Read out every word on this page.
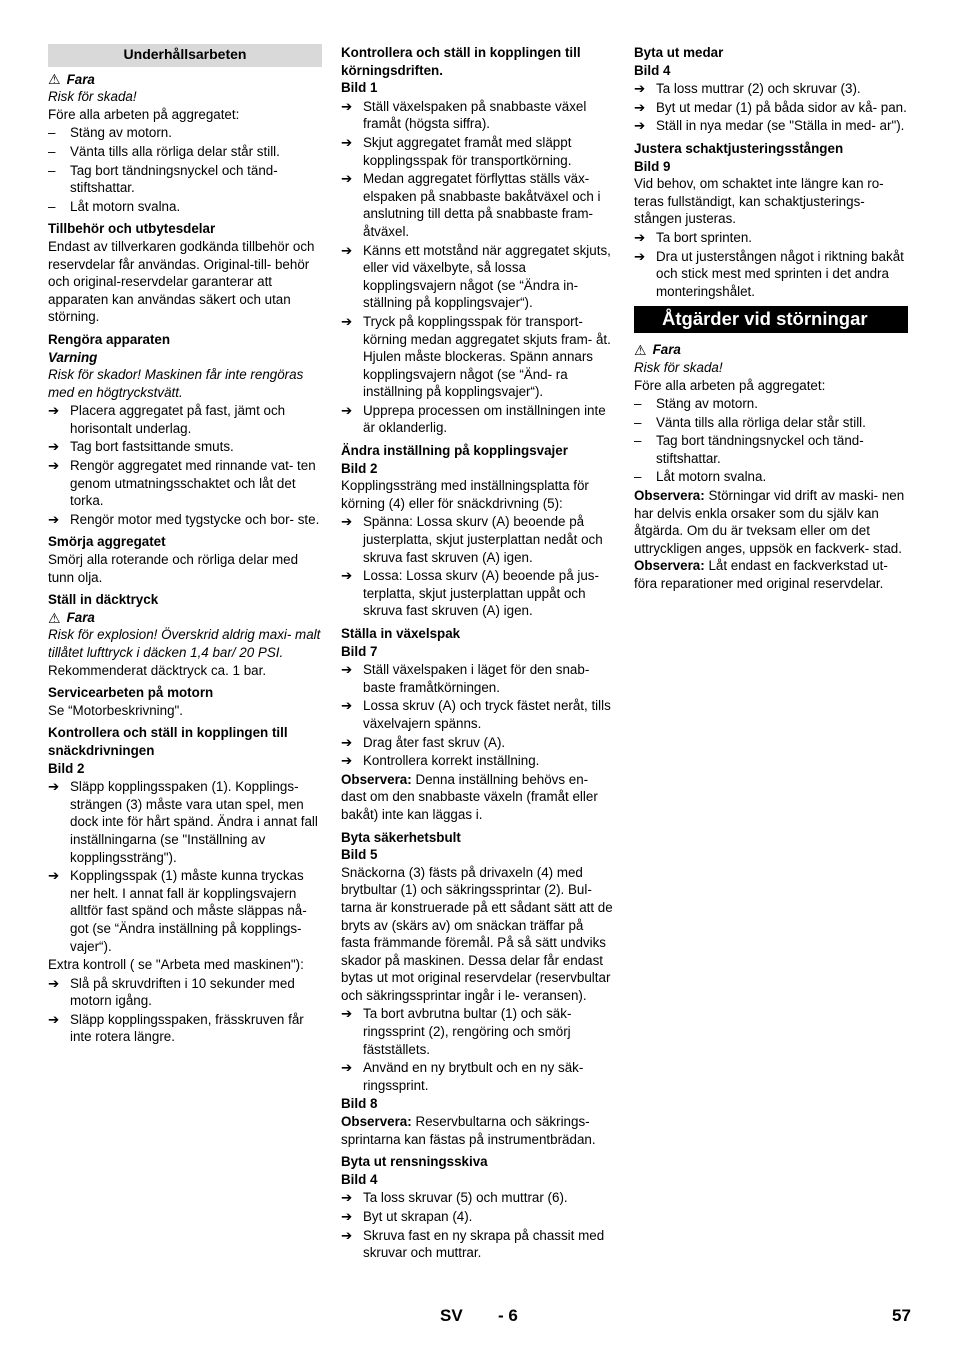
Underhållsarbeten
⚠ Fara
Risk för skada!
Före alla arbeten på aggregatet:
–	Stäng av motorn.
–	Vänta tills alla rörliga delar står still.
–	Tag bort tändningsnyckel och tänd- stiftshattar.
–	Låt motorn svalna.
Tillbehör och utbytesdelar
Endast av tillverkaren godkända tillbehör och reservdelar får användas. Original-till- behör och original-reservdelar garanterar att apparaten kan användas säkert och utan störning.
Rengöra apparaten
Varning
Risk för skador! Maskinen får inte rengöras med en högtryckstvätt.
➔ Placera aggregatet på fast, jämt och horisontalt underlag.
➔ Tag bort fastsittande smuts.
➔ Rengör aggregatet med rinnande vat- ten genom utmatningsschaktet och låt det torka.
➔ Rengör motor med tygstycke och bor- ste.
Smörja aggregatet
Smörj alla roterande och rörliga delar med tunn olja.
Ställ in däcktryck
⚠ Fara
Risk för explosion! Överskrid aldrig maxi- malt tillåtet lufttryck i däcken 1,4 bar/ 20 PSI.
Rekommenderat däcktryck ca. 1 bar.
Servicearbeten på motorn
Se “Motorbeskrivning".
Kontrollera och ställ in kopplingen till snäckdrivningen
Bild 2
➔ Släpp kopplingsspaken (1). Kopplings- strängen (3) måste vara utan spel, men dock inte för hårt spänd. Ändra i annat fall inställningarna (se "Inställning av kopplingssträng").
➔ Kopplingsspak (1) måste kunna tryckas ner helt. I annat fall är kopplingsvajern alltför fast spänd och måste släppas nå- got (se “Ändra inställning på kopplings- vajer“).
Extra kontroll ( se "Arbeta med maskinen"):
➔ Slå på skruvdriften i 10 sekunder med motorn igång.
➔ Släpp kopplingsspaken, frässkruven får inte rotera längre.
Kontrollera och ställ in kopplingen till körningsdriften.
Bild 1
➔ Ställ växelspaken på snabbaste växel framåt (högsta siffra).
➔ Skjut aggregatet framåt med släppt kopplingsspak för transportkörning.
➔ Medan aggregatet förflyttas ställs väx- elspaken på snabbaste bakåtväxel och i anslutning till detta på snabbaste fram- åtväxel.
➔ Känns ett motstånd när aggregatet skjuts, eller vid växelbyte, så lossa kopplingsvajern något (se “Ändra in- ställning på kopplingsvajer“).
➔ Tryck på kopplingsspak för transport- körning medan aggregatet skjuts fram- åt. Hjulen måste blockeras. Spänn annars kopplingsvajern något (se “Änd- ra inställning på kopplingsvajer“).
➔ Upprepa processen om inställningen inte är oklanderlig.
Ändra inställning på kopplingsvajer
Bild 2
Kopplingssträng med inställningsplatta för körning (4) eller för snäckdrivning (5):
➔ Spänna: Lossa skurv (A) beoende på justerplatta, skjut justerplattan nedåt och skruva fast skruven (A) igen.
➔ Lossa: Lossa skurv (A) beoende på jus- terplatta, skjut justerplattan uppåt och skruva fast skruven (A) igen.
Ställa in växelspak
Bild 7
➔ Ställ växelspaken i läget för den snab- baste framåtkörningen.
➔ Lossa skruv (A) och tryck fästet neråt, tills växelvajern spänns.
➔ Drag åter fast skruv (A).
➔ Kontrollera korrekt inställning.
Observera: Denna inställning behövs en- dast om den snabbaste växeln (framåt eller bakåt) inte kan läggas i.
Byta säkerhetsbult
Bild 5
Snäckorna (3) fästs på drivaxeln (4) med brytbultar (1) och säkringssprintar (2). Bul- tarna är konstruerade på ett sådant sätt att de bryts av (skärs av) om snäckan träffar på fasta främmande föremål. På så sätt undviks skador på maskinen. Dessa delar får endast bytas ut mot original reservdelar (reservbultar och säkringssprintar ingår i le- veransen).
➔ Ta bort avbrutna bultar (1) och säk- ringssprint (2), rengöring och smörj fästställets.
➔ Använd en ny brytbult och en ny säk- ringssprint.
Bild 8
Observera: Reservbultarna och säkrings- sprintarna kan fästas på instrumentbrädan.
Byta ut rensningsskiva
Bild 4
➔ Ta loss skruvar (5) och muttrar (6).
➔ Byt ut skrapan (4).
➔ Skruva fast en ny skrapa på chassit med skruvar och muttrar.
Byta ut medar
Bild 4
➔ Ta loss muttrar (2) och skruvar (3).
➔ Byt ut medar (1) på båda sidor av kå- pan.
➔ Ställ in nya medar (se "Ställa in med- ar").
Justera schaktjusteringsstången
Bild 9
Vid behov, om schaktet inte längre kan ro- teras fullständigt, kan schaktjusterings- stången justeras.
➔ Ta bort sprinten.
➔ Dra ut justerstången något i riktning bakåt och stick mest med sprinten i det andra monteringshålet.
Åtgärder vid störningar
⚠ Fara
Risk för skada!
Före alla arbeten på aggregatet:
–	Stäng av motorn.
–	Vänta tills alla rörliga delar står still.
–	Tag bort tändningsnyckel och tänd- stiftshattar.
–	Låt motorn svalna.
Observera: Störningar vid drift av maski- nen har delvis enkla orsaker som du själv kan åtgärda. Om du är tveksam eller om det uttryckligen anges, uppsök en fackverk- stad.
Observera: Låt endast en fackverkstad ut- föra reparationer med original reservdelar.
SV - 6	57
